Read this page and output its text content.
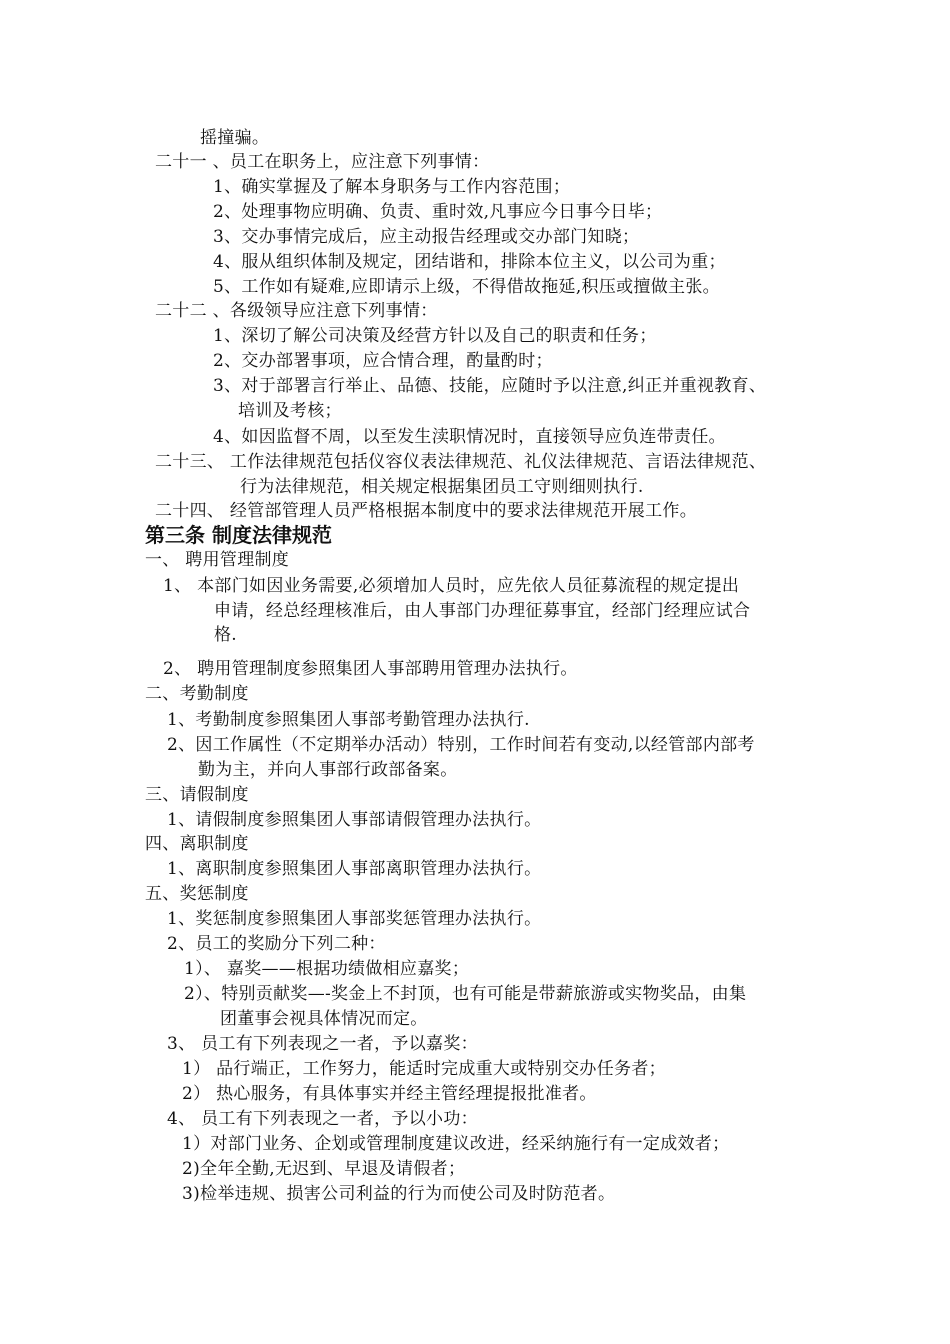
摇撞骗。
二十一 、员工在职务上，应注意下列事情：
1、确实掌握及了解本身职务与工作内容范围；
2、处理事物应明确、负责、重时效,凡事应今日事今日毕；
3、交办事情完成后，应主动报告经理或交办部门知晓；
4、服从组织体制及规定，团结谐和，排除本位主义，以公司为重；
5、工作如有疑难,应即请示上级，不得借故拖延,积压或擅做主张。
二十二 、各级领导应注意下列事情：
1、深切了解公司决策及经营方针以及自己的职责和任务；
2、交办部署事项，应合情合理，酌量酌时；
3、对于部署言行举止、品德、技能，应随时予以注意,纠正并重视教育、
培训及考核；
4、如因监督不周，以至发生渎职情况时，直接领导应负连带责任。
二十三、 工作法律规范包括仪容仪表法律规范、礼仪法律规范、言语法律规范、
行为法律规范，相关规定根据集团员工守则细则执行.
二十四、 经管部管理人员严格根据本制度中的要求法律规范开展工作。
第三条 制度法律规范
一、 聘用管理制度
1、 本部门如因业务需要,必须增加人员时，应先依人员征募流程的规定提出
申请，经总经理核准后，由人事部门办理征募事宜，经部门经理应试合
格.
2、 聘用管理制度参照集团人事部聘用管理办法执行。
二、考勤制度
1、考勤制度参照集团人事部考勤管理办法执行.
2、因工作属性（不定期举办活动）特别，工作时间若有变动,以经管部内部考
勤为主，并向人事部行政部备案。
三、请假制度
1、请假制度参照集团人事部请假管理办法执行。
四、离职制度
1、离职制度参照集团人事部离职管理办法执行。
五、奖惩制度
1、奖惩制度参照集团人事部奖惩管理办法执行。
2、员工的奖励分下列二种：
1）、 嘉奖——根据功绩做相应嘉奖；
2）、特别贡献奖—-奖金上不封顶，也有可能是带薪旅游或实物奖品，由集
团董事会视具体情况而定。
3、 员工有下列表现之一者，予以嘉奖：
1） 品行端正，工作努力，能适时完成重大或特别交办任务者；
2） 热心服务，有具体事实并经主管经理提报批准者。
4、 员工有下列表现之一者，予以小功：
1）对部门业务、企划或管理制度建议改进，经采纳施行有一定成效者；
2)全年全勤,无迟到、早退及请假者；
3)检举违规、损害公司利益的行为而使公司及时防范者。
